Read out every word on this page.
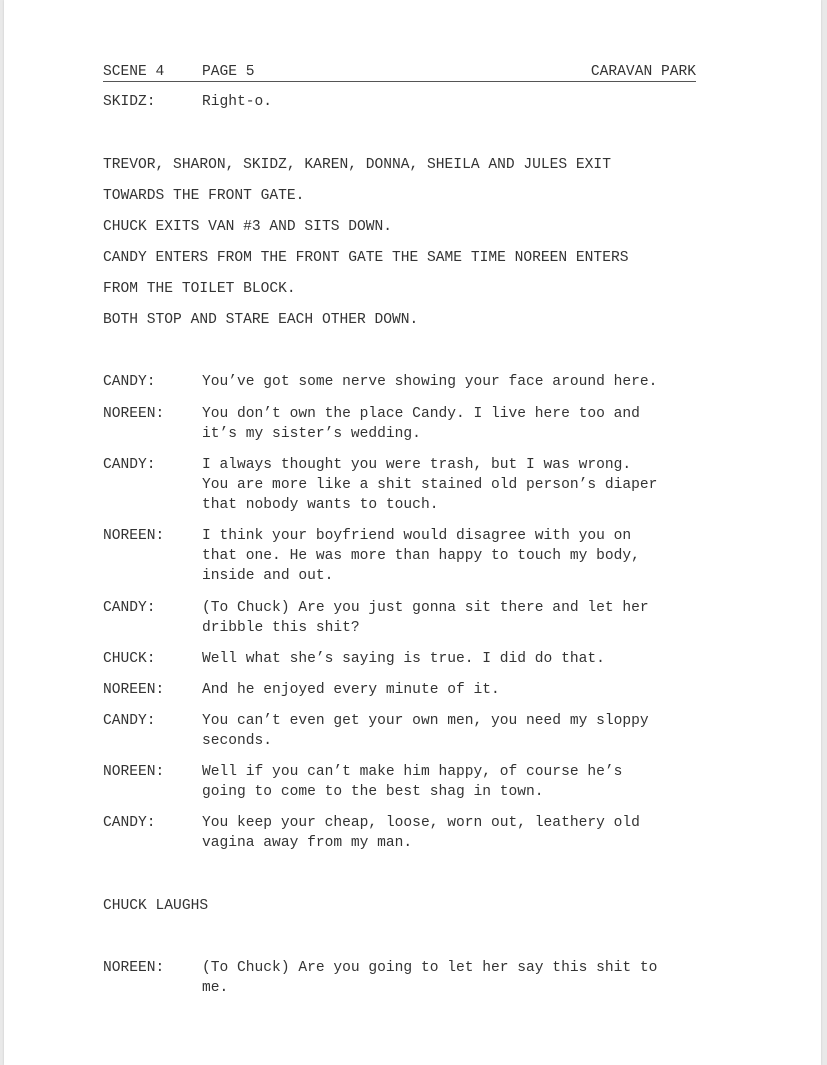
SCENE 4	PAGE 5	CARAVAN PARK
SKIDZ:	Right-o.
TREVOR, SHARON, SKIDZ, KAREN, DONNA, SHEILA AND JULES EXIT
TOWARDS THE FRONT GATE.
CHUCK EXITS VAN #3 AND SITS DOWN.
CANDY ENTERS FROM THE FRONT GATE THE SAME TIME NOREEN ENTERS
FROM THE TOILET BLOCK.
BOTH STOP AND STARE EACH OTHER DOWN.
CANDY:	You’ve got some nerve showing your face around here.
NOREEN:	You don’t own the place Candy. I live here too and
it’s my sister’s wedding.
CANDY:	I always thought you were trash, but I was wrong.
You are more like a shit stained old person’s diaper
that nobody wants to touch.
NOREEN:	I think your boyfriend would disagree with you on
that one. He was more than happy to touch my body,
inside and out.
CANDY:	(To Chuck) Are you just gonna sit there and let her
dribble this shit?
CHUCK:	Well what she’s saying is true. I did do that.
NOREEN:	And he enjoyed every minute of it.
CANDY:	You can’t even get your own men, you need my sloppy
seconds.
NOREEN:	Well if you can’t make him happy, of course he’s
going to come to the best shag in town.
CANDY:	You keep your cheap, loose, worn out, leathery old
vagina away from my man.
CHUCK LAUGHS
NOREEN:	(To Chuck) Are you going to let her say this shit to
me.
